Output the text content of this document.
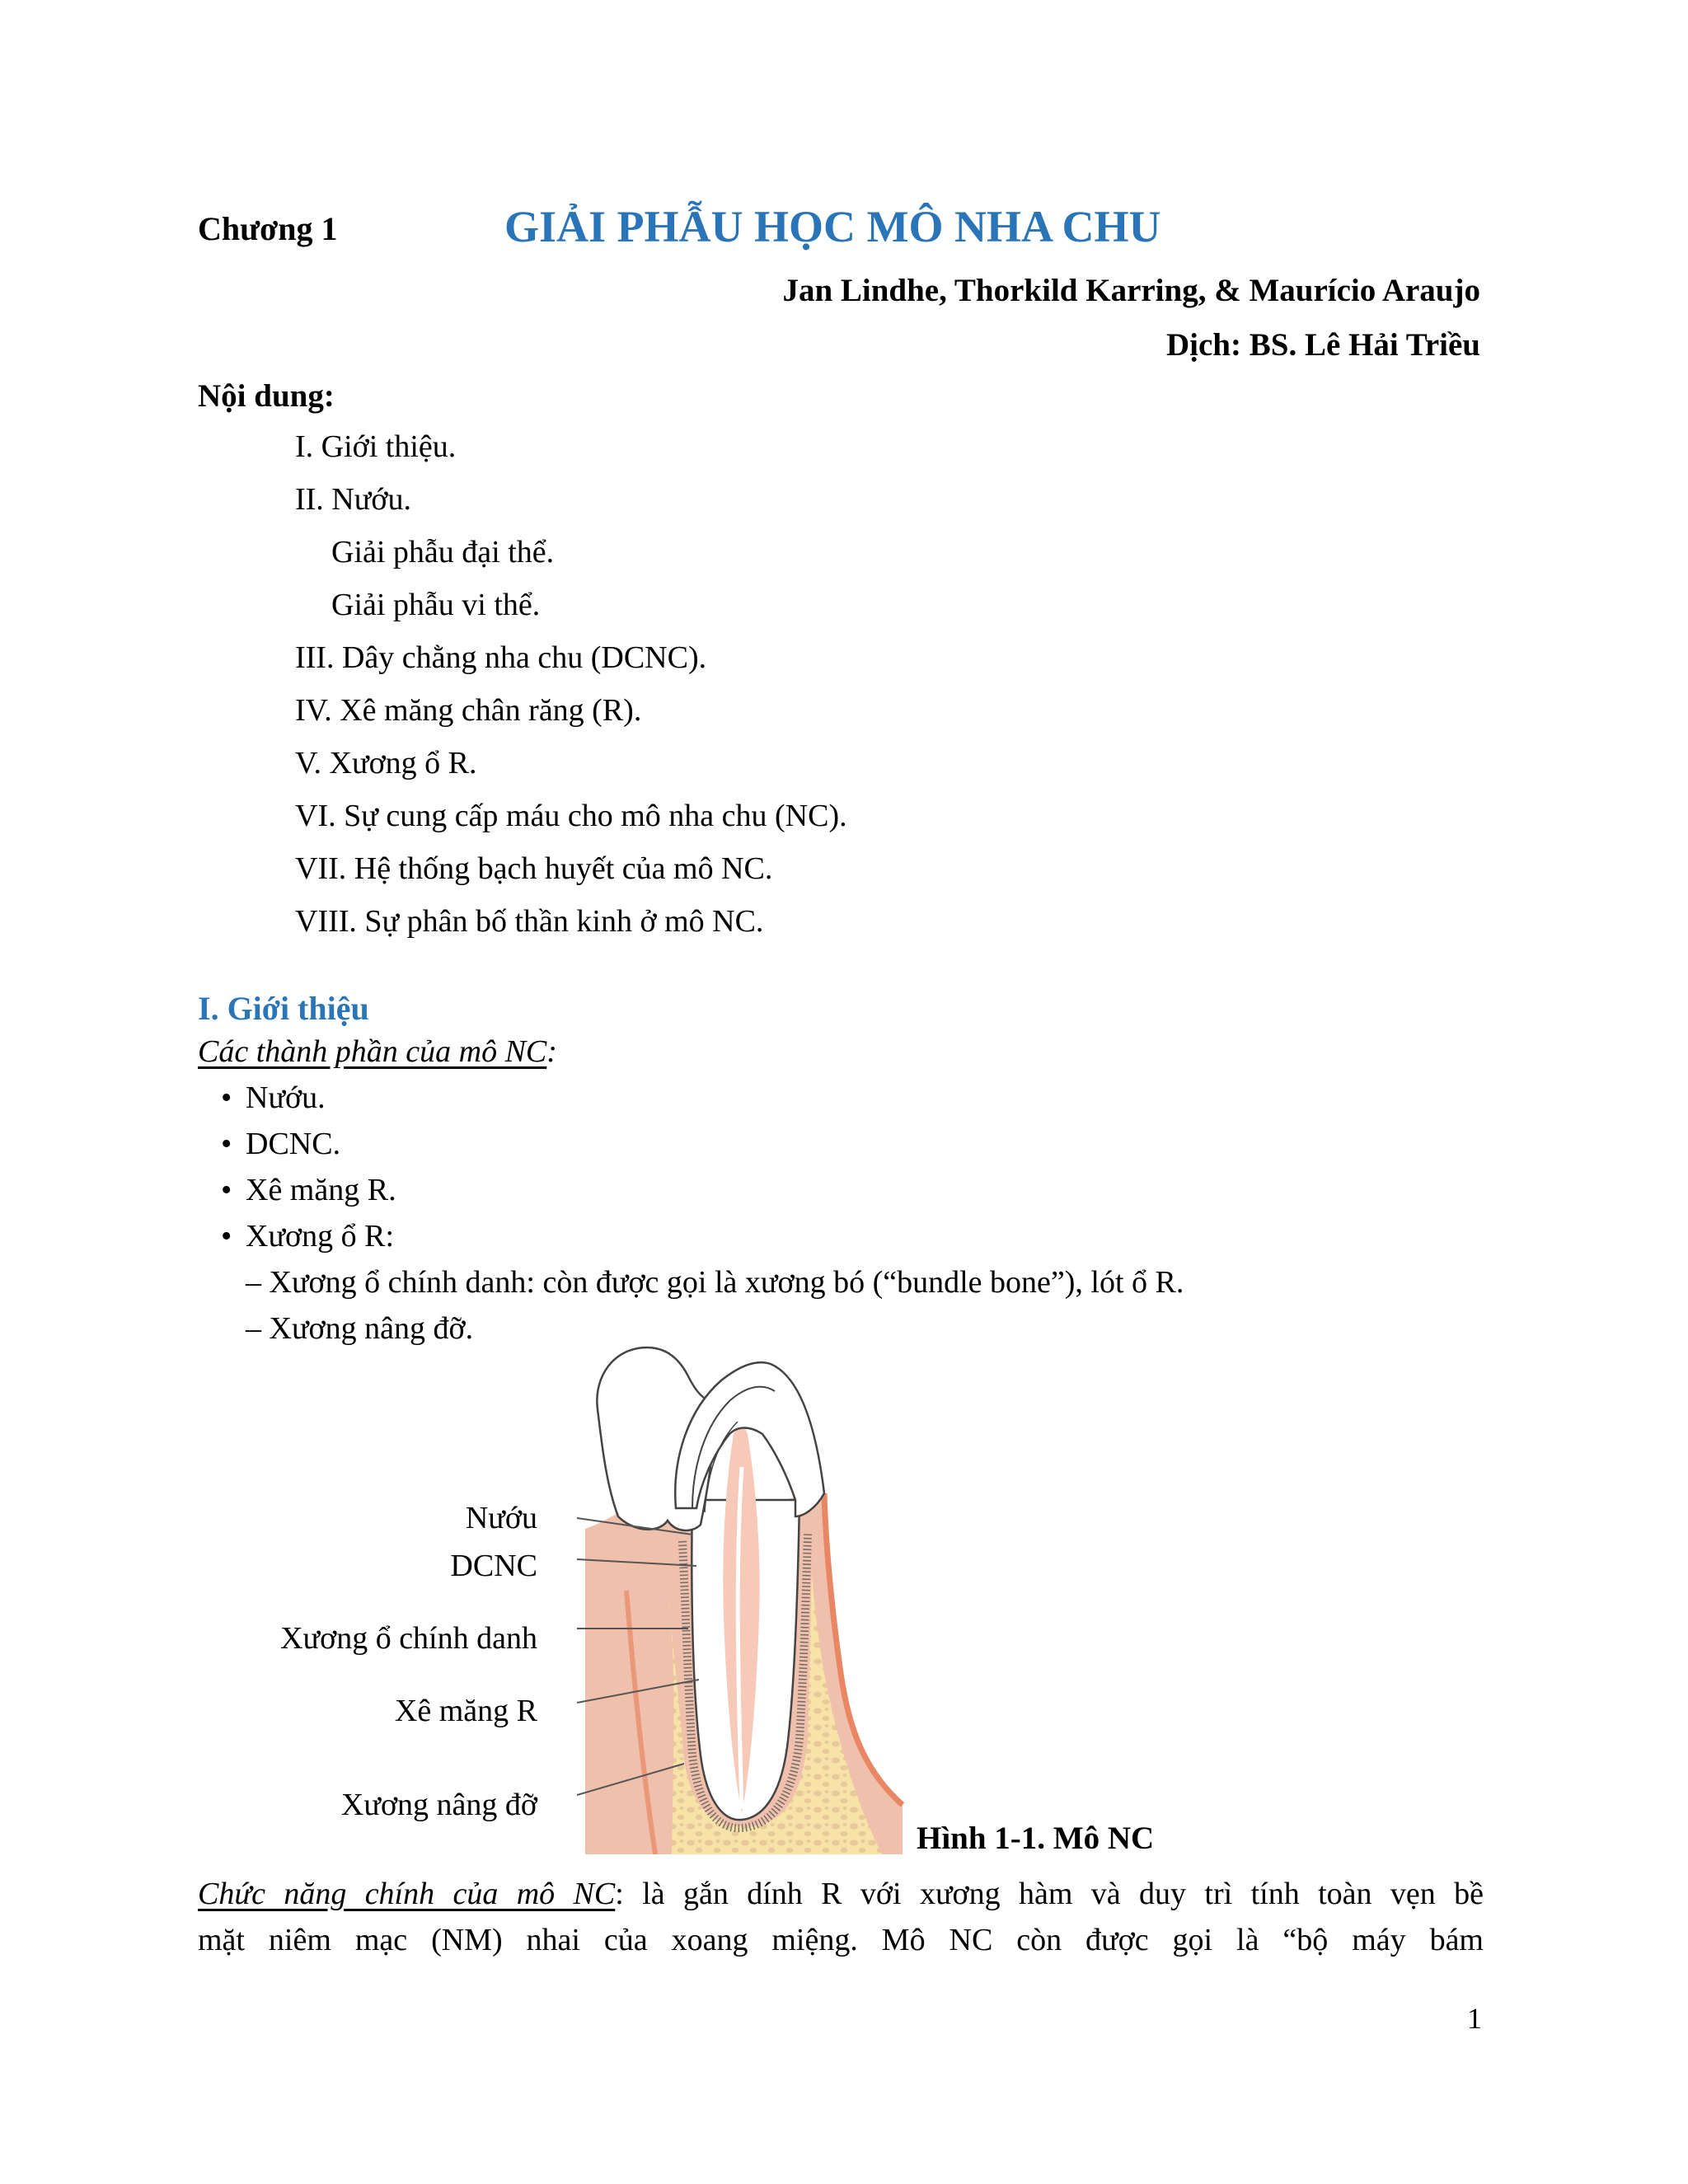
Chương 1	GIẢI PHẪU HỌC MÔ NHA CHU
Jan Lindhe, Thorkild Karring, & Maurício Araujo
Dịch: BS. Lê Hải Triều
Nội dung:
I. Giới thiệu.
II. Nướu.
Giải phẫu đại thể.
Giải phẫu vi thể.
III. Dây chằng nha chu (DCNC).
IV. Xê măng chân răng (R).
V. Xương ổ R.
VI. Sự cung cấp máu cho mô nha chu (NC).
VII. Hệ thống bạch huyết của mô NC.
VIII. Sự phân bố thần kinh ở mô NC.
I. Giới thiệu
Các thành phần của mô NC:
• Nướu.
• DCNC.
• Xê măng R.
• Xương ổ R:
– Xương ổ chính danh: còn được gọi là xương bó (“bundle bone”), lót ổ R.
– Xương nâng đỡ.
Nướu
DCNC
Xương ổ chính danh
Xê măng R
Xương nâng đỡ
Hình 1-1. Mô NC
Chức năng chính của mô NC: là gắn dính R với xương hàm và duy trì tính toàn vẹn bề
mặt niêm mạc (NM) nhai của xoang miệng. Mô NC còn được gọi là “bộ máy bám
1
